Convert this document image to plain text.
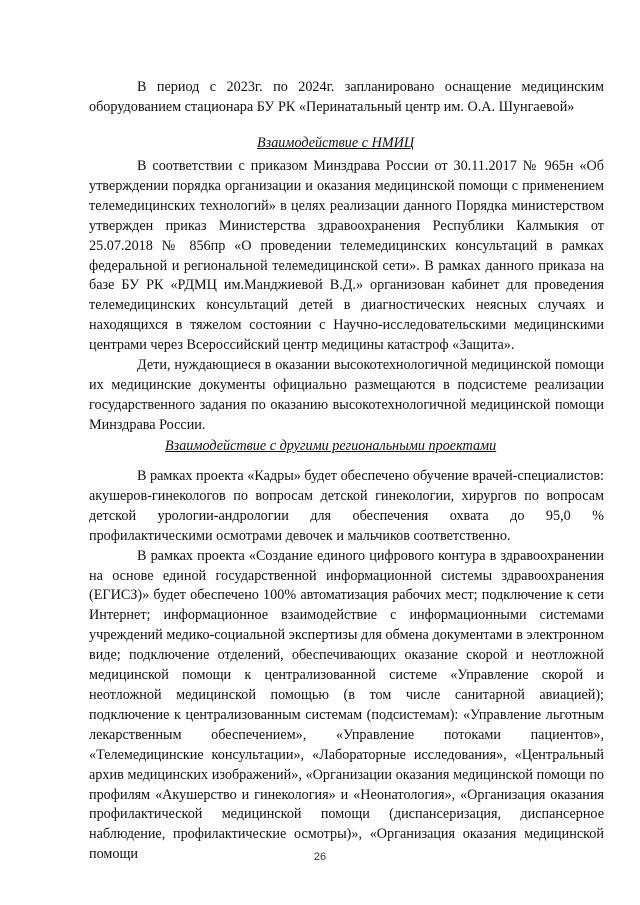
В период с 2023г. по 2024г. запланировано оснащение медицинским оборудованием стационара БУ РК «Перинатальный центр им. О.А. Шунгаевой»

Взаимодействие с НМИЦ

В соответствии с приказом Минздрава России от 30.11.2017 № 965н «Об утверждении порядка организации и оказания медицинской помощи с применением телемедицинских технологий» в целях реализации данного Порядка министерством утвержден приказ Министерства здравоохранения Республики Калмыкия от 25.07.2018 № 856пр «О проведении телемедицинских консультаций в рамках федеральной и региональной телемедицинской сети». В рамках данного приказа на базе БУ РК «РДМЦ им.Манджиевой В.Д.» организован кабинет для проведения телемедицинских консультаций детей в диагностических неясных случаях и находящихся в тяжелом состоянии с Научно-исследовательскими медицинскими центрами через Всероссийский центр медицины катастроф «Защита».

Дети, нуждающиеся в оказании высокотехнологичной медицинской помощи их медицинские документы официально размещаются в подсистеме реализации государственного задания по оказанию высокотехнологичной медицинской помощи Минздрава России.

Взаимодействие с другими региональными проектами

В рамках проекта «Кадры» будет обеспечено обучение врачей-специалистов: акушеров-гинекологов по вопросам детской гинекологии, хирургов по вопросам детской урологии-андрологии для обеспечения охвата до 95,0 % профилактическими осмотрами девочек и мальчиков соответственно.

В рамках проекта «Создание единого цифрового контура в здравоохранении на основе единой государственной информационной системы здравоохранения (ЕГИСЗ)» будет обеспечено 100% автоматизация рабочих мест; подключение к сети Интернет; информационное взаимодействие с информационными системами учреждений медико-социальной экспертизы для обмена документами в электронном виде; подключение отделений, обеспечивающих оказание скорой и неотложной медицинской помощи к централизованной системе «Управление скорой и неотложной медицинской помощью (в том числе санитарной авиацией); подключение к централизованным системам (подсистемам): «Управление льготным лекарственным обеспечением», «Управление потоками пациентов», «Телемедицинские консультации», «Лабораторные исследования», «Центральный архив медицинских изображений», «Организации оказания медицинской помощи по профилям «Акушерство и гинекология» и «Неонатология», «Организация оказания профилактической медицинской помощи (диспансеризация, диспансерное наблюдение, профилактические осмотры)», «Организация оказания медицинской помощи	26
